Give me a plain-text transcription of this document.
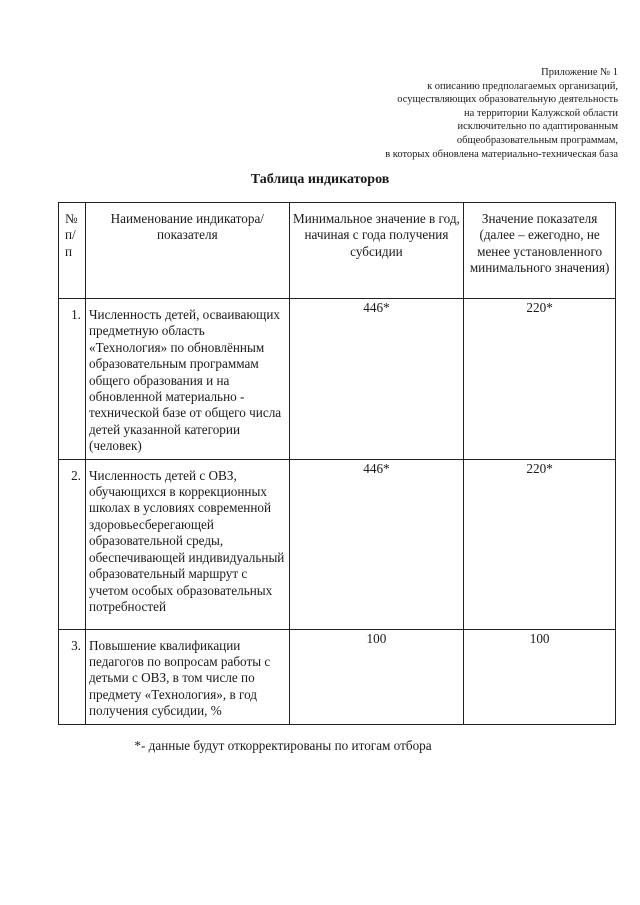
Приложение № 1
к описанию предполагаемых организаций,
осуществляющих образовательную деятельность
на территории Калужской области
исключительно по адаптированным
общеобразовательным программам,
в которых обновлена материально-техническая база
Таблица индикаторов
№ п/п	Наименование индикатора/показателя	Минимальное значение в год, начиная с года получения субсидии	Значение показателя (далее – ежегодно, не менее установленного минимального значения)
1.	Численность детей, осваивающих предметную область «Технология» по обновлённым образовательным программам общего образования и на обновленной материально - технической базе от общего числа детей указанной категории (человек)	446*	220*
2.	Численность детей с ОВЗ, обучающихся в коррекционных школах в условиях современной здоровьесберегающей образовательной среды, обеспечивающей индивидуальный образовательный маршрут с учетом особых образовательных потребностей	446*	220*
3.	Повышение квалификации педагогов по вопросам работы с детьми с ОВЗ, в том числе по предмету «Технология», в год получения субсидии, %	100	100
*- данные будут откорректированы по итогам отбора
